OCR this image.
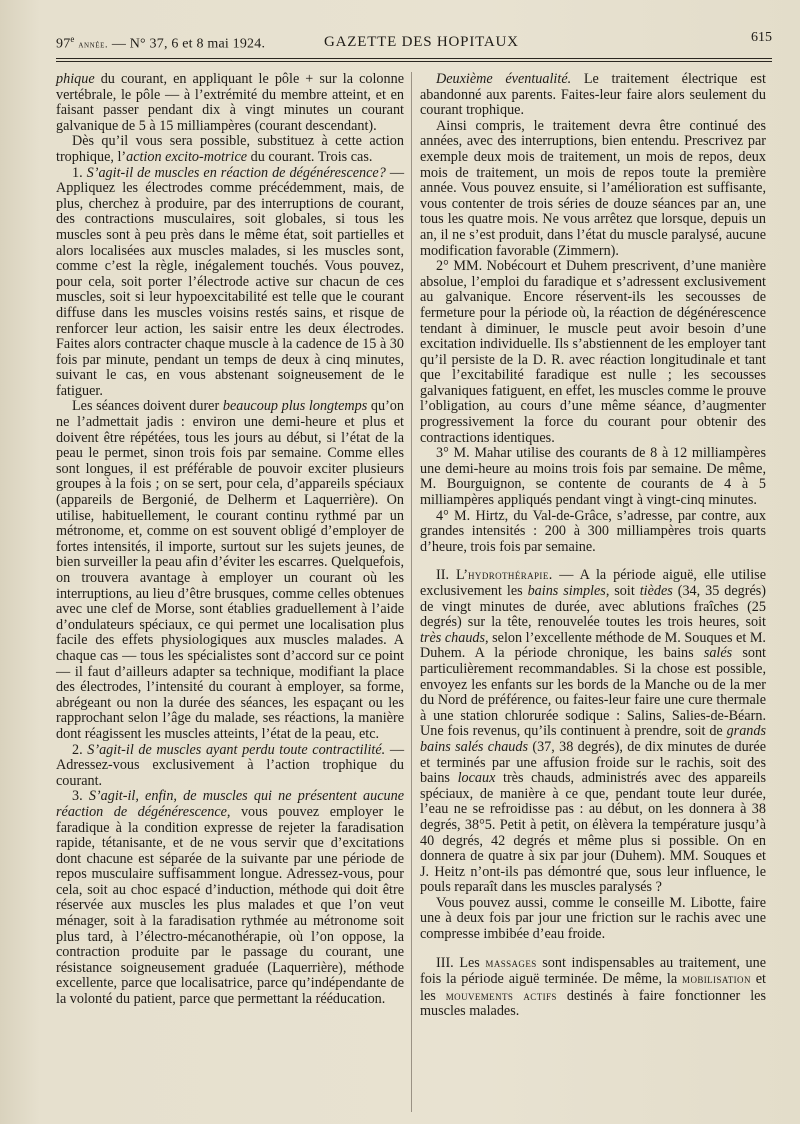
97e année. — N° 37, 6 et 8 mai 1924.	GAZETTE DES HOPITAUX	615

phique du courant, en appliquant le pôle + sur la colonne vertébrale, le pôle — à l’extrémité du membre atteint, et en faisant passer pendant dix à vingt minutes un courant galvanique de 5 à 15 milliampères (courant descendant).

Dès qu’il vous sera possible, substituez à cette action trophique, l’action excito-motrice du courant. Trois cas.

1. S’agit-il de muscles en réaction de dégénérescence? — Appliquez les électrodes comme précédemment, mais, de plus, cherchez à produire, par des interruptions de courant, des contractions musculaires, soit globales, si tous les muscles sont à peu près dans le même état, soit partielles et alors localisées aux muscles malades, si les muscles sont, comme c’est la règle, inégalement touchés. Vous pouvez, pour cela, soit porter l’électrode active sur chacun de ces muscles, soit si leur hypoexcitabilité est telle que le courant diffuse dans les muscles voisins restés sains, et risque de renforcer leur action, les saisir entre les deux électrodes. Faites alors contracter chaque muscle à la cadence de 15 à 30 fois par minute, pendant un temps de deux à cinq minutes, suivant le cas, en vous abstenant soigneusement de le fatiguer.

Les séances doivent durer beaucoup plus longtemps qu’on ne l’admettait jadis : environ une demi-heure et plus et doivent être répétées, tous les jours au début, si l’état de la peau le permet, sinon trois fois par semaine. Comme elles sont longues, il est préférable de pouvoir exciter plusieurs groupes à la fois ; on se sert, pour cela, d’appareils spéciaux (appareils de Bergonié, de Delherm et Laquerrière). On utilise, habituellement, le courant continu rythmé par un métronome, et, comme on est souvent obligé d’employer de fortes intensités, il importe, surtout sur les sujets jeunes, de bien surveiller la peau afin d’éviter les escarres. Quelquefois, on trouvera avantage à employer un courant où les interruptions, au lieu d’être brusques, comme celles obtenues avec une clef de Morse, sont établies graduellement à l’aide d’ondulateurs spéciaux, ce qui permet une localisation plus facile des effets physiologiques aux muscles malades. A chaque cas — tous les spécialistes sont d’accord sur ce point — il faut d’ailleurs adapter sa technique, modifiant la place des électrodes, l’intensité du courant à employer, sa forme, abrégeant ou non la durée des séances, les espaçant ou les rapprochant selon l’âge du malade, ses réactions, la manière dont réagissent les muscles atteints, l’état de la peau, etc.

2. S’agit-il de muscles ayant perdu toute contractilité. — Adressez-vous exclusivement à l’action trophique du courant.

3. S’agit-il, enfin, de muscles qui ne présentent aucune réaction de dégénérescence, vous pouvez employer le faradique à la condition expresse de rejeter la faradisation rapide, tétanisante, et de ne vous servir que d’excitations dont chacune est séparée de la suivante par une période de repos musculaire suffisamment longue. Adressez-vous, pour cela, soit au choc espacé d’induction, méthode qui doit être réservée aux muscles les plus malades et que l’on veut ménager, soit à la faradisation rythmée au métronome soit plus tard, à l’électro-mécanothérapie, où l’on oppose, la contraction produite par le passage du courant, une résistance soigneusement graduée (Laquerrière), méthode excellente, parce que localisatrice, parce qu’indépendante de la volonté du patient, parce que permettant la rééducation.

Deuxième éventualité. Le traitement électrique est abandonné aux parents. Faites-leur faire alors seulement du courant trophique.

Ainsi compris, le traitement devra être continué des années, avec des interruptions, bien entendu. Prescrivez par exemple deux mois de traitement, un mois de repos, deux mois de traitement, un mois de repos toute la première année. Vous pouvez ensuite, si l’amélioration est suffisante, vous contenter de trois séries de douze séances par an, une tous les quatre mois. Ne vous arrêtez que lorsque, depuis un an, il ne s’est produit, dans l’état du muscle paralysé, aucune modification favorable (Zimmern).

2° MM. Nobécourt et Duhem prescrivent, d’une manière absolue, l’emploi du faradique et s’adressent exclusivement au galvanique. Encore réservent-ils les secousses de fermeture pour la période où, la réaction de dégénérescence tendant à diminuer, le muscle peut avoir besoin d’une excitation individuelle. Ils s’abstiennent de les employer tant qu’il persiste de la D. R. avec réaction longitudinale et tant que l’excitabilité faradique est nulle ; les secousses galvaniques fatiguent, en effet, les muscles comme le prouve l’obligation, au cours d’une même séance, d’augmenter progressivement la force du courant pour obtenir des contractions identiques.

3° M. Mahar utilise des courants de 8 à 12 milliampères une demi-heure au moins trois fois par semaine. De même, M. Bourguignon, se contente de courants de 4 à 5 milliampères appliqués pendant vingt à vingt-cinq minutes.

4° M. Hirtz, du Val-de-Grâce, s’adresse, par contre, aux grandes intensités : 200 à 300 milliampères trois quarts d’heure, trois fois par semaine.

II. L’hydrothérapie. — A la période aiguë, elle utilise exclusivement les bains simples, soit tièdes (34, 35 degrés) de vingt minutes de durée, avec ablutions fraîches (25 degrés) sur la tête, renouvelée toutes les trois heures, soit très chauds, selon l’excellente méthode de M. Souques et M. Duhem. A la période chronique, les bains salés sont particulièrement recommandables. Si la chose est possible, envoyez les enfants sur les bords de la Manche ou de la mer du Nord de préférence, ou faites-leur faire une cure thermale à une station chlorurée sodique : Salins, Salies-de-Béarn. Une fois revenus, qu’ils continuent à prendre, soit de grands bains salés chauds (37, 38 degrés), de dix minutes de durée et terminés par une affusion froide sur le rachis, soit des bains locaux très chauds, administrés avec des appareils spéciaux, de manière à ce que, pendant toute leur durée, l’eau ne se refroidisse pas : au début, on les donnera à 38 degrés, 38°5. Petit à petit, on élèvera la température jusqu’à 40 degrés, 42 degrés et même plus si possible. On en donnera de quatre à six par jour (Duhem). MM. Souques et J. Heitz n’ont-ils pas démontré que, sous leur influence, le pouls reparaît dans les muscles paralysés ?

Vous pouvez aussi, comme le conseille M. Libotte, faire une à deux fois par jour une friction sur le rachis avec une compresse imbibée d’eau froide.

III. Les massages sont indispensables au traitement, une fois la période aiguë terminée. De même, la mobilisation et les mouvements actifs destinés à faire fonctionner les muscles malades.
